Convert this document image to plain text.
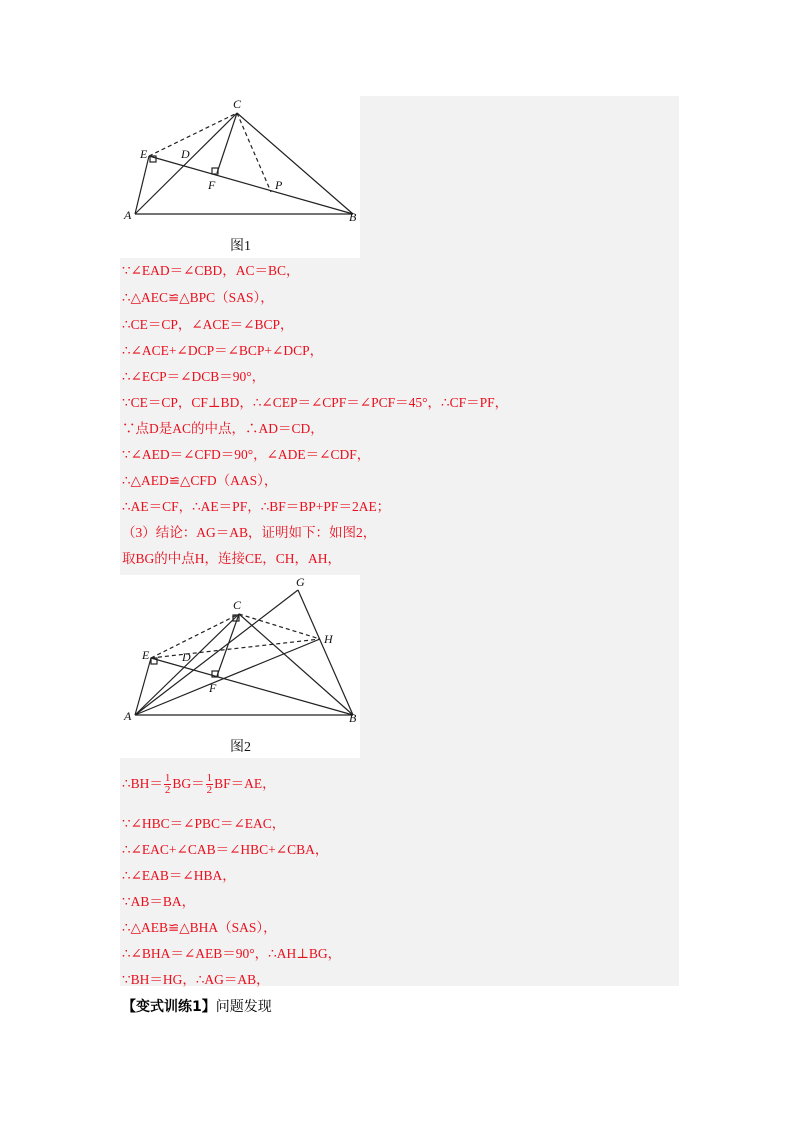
C
E	D
F	P
A	B
图1
∵∠EAD＝∠CBD，AC＝BC，
∴△AEC≌△BPC（SAS），
∴CE＝CP，∠ACE＝∠BCP，
∴∠ACE+∠DCP＝∠BCP+∠DCP，
∴∠ECP＝∠DCB＝90°，
∵CE＝CP，CF⊥BD，∴∠CEP＝∠CPF＝∠PCF＝45°，∴CF＝PF，
∵点D是AC的中点，∴AD＝CD，
∵∠AED＝∠CFD＝90°，∠ADE＝∠CDF，
∴△AED≌△CFD（AAS），
∴AE＝CF，∴AE＝PF，∴BF＝BP+PF＝2AE；
（3）结论：AG＝AB，证明如下：如图2，
取BG的中点H，连接CE，CH，AH，
G
C
H
E	D
F
A	B
图2
∴BH＝ $\frac{1}{2} BG= \frac{1}{2} BF=AE$，
∵∠HBC＝∠PBC＝∠EAC，
∴∠EAC+∠CAB＝∠HBC+∠CBA，
∴∠EAB＝∠HBA，
∵AB＝BA，
∴△AEB≌△BHA（SAS），
∴∠BHA＝∠AEB＝90°，∴AH⊥BG，
∵BH＝HG，∴AG＝AB，
【变式训练1】问题发现
